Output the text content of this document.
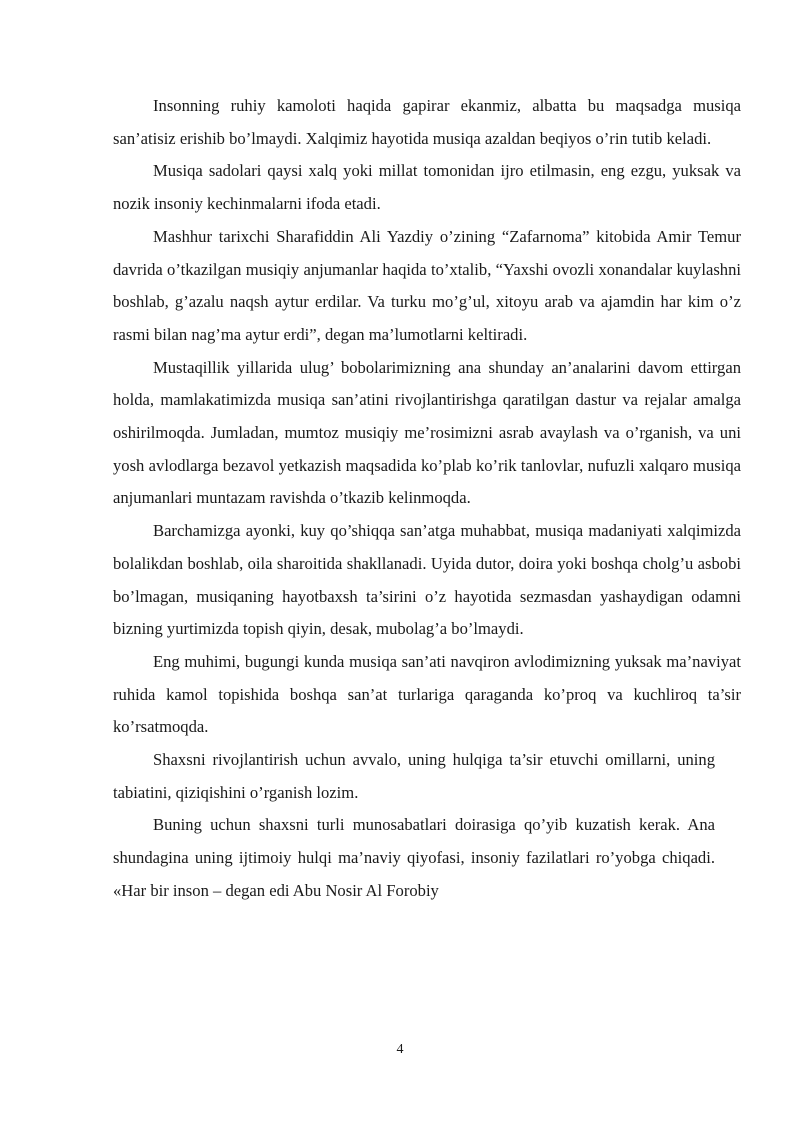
Insonning ruhiy kamoloti haqida gapirar ekanmiz, albatta bu maqsadga musiqa san’atisiz erishib bo’lmaydi. Xalqimiz hayotida musiqa azaldan beqiyos o’rin tutib keladi.

Musiqa sadolari qaysi xalq yoki millat tomonidan ijro etilmasin, eng ezgu, yuksak va nozik insoniy kechinmalarni ifoda etadi.

Mashhur tarixchi Sharafiddin Ali Yazdiy o’zining “Zafarnoma” kitobida Amir Temur davrida o’tkazilgan musiqiy anjumanlar haqida to’xtalib, “Yaxshi ovozli xonandalar kuylashni boshlab, g’azalu naqsh aytur erdilar. Va turku mo’g’ul, xitoyu arab va ajamdin har kim o’z rasmi bilan nag’ma aytur erdi”, degan ma’lumotlarni keltiradi.

Mustaqillik yillarida ulug’ bobolarimizning ana shunday an’analarini davom ettirgan holda, mamlakatimizda musiqa san’atini rivojlantirishga qaratilgan dastur va rejalar amalga oshirilmoqda. Jumladan, mumtoz musiqiy me’rosimizni asrab avaylash va o’rganish, va uni yosh avlodlarga bezavol yetkazish maqsadida ko’plab ko’rik tanlovlar, nufuzli xalqaro musiqa anjumanlari muntazam ravishda o’tkazib kelinmoqda.

Barchamizga ayonki, kuy qo’shiqqa san’atga muhabbat, musiqa madaniyati xalqimizda bolalikdan boshlab, oila sharoitida shakllanadi. Uyida dutor, doira yoki boshqa cholg’u asbobi bo’lmagan, musiqaning hayotbaxsh ta’sirini o’z hayotida sezmasdan yashaydigan odamni bizning yurtimizda topish qiyin, desak, mubolag’a bo’lmaydi.

Eng muhimi, bugungi kunda musiqa san’ati navqiron avlodimizning yuksak ma’naviyat ruhida kamol topishida boshqa san’at turlariga qaraganda ko’proq va kuchliroq ta’sir ko’rsatmoqda.

Shaxsni rivojlantirish uchun avvalo, uning hulqiga ta’sir etuvchi omillarni, uning tabiatini, qiziqishini o’rganish lozim.

Buning uchun shaxsni turli munosabatlari doirasiga qo’yib kuzatish kerak. Ana shundagina uning ijtimoiy hulqi ma’naviy qiyofasi, insoniy fazilatlari ro’yobga chiqadi. «Har bir inson – degan edi Abu Nosir Al Forobiy

4
